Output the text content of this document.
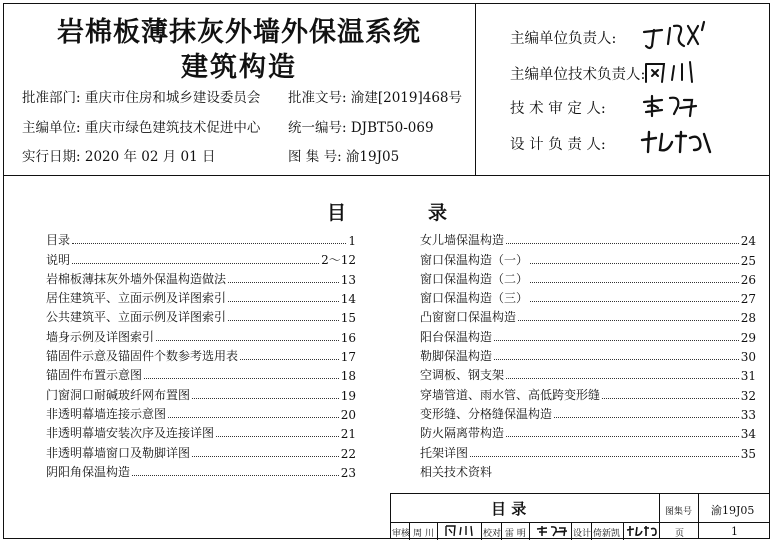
岩棉板薄抹灰外墙外保温系统
建筑构造
批准部门: 重庆市住房和城乡建设委员会 批准文号: 渝建[2019]468号
主编单位: 重庆市绿色建筑技术促进中心 统一编号: DJBT50-069
实行日期: 2020 年 02 月 01 日	图 集 号: 渝19J05
主编单位负责人:
主编单位技术负责人:
技 术 审 定 人:
设 计 负 责 人:
目	录
目录	1
说明	2～12
岩棉板薄抹灰外墙外保温构造做法	13
居住建筑平、立面示例及详图索引	14
公共建筑平、立面示例及详图索引	15
墙身示例及详图索引	16
锚固件示意及锚固件个数参考选用表	17
锚固件布置示意图	18
门窗洞口耐碱玻纤网布置图	19
非透明幕墙连接示意图	20
非透明幕墙安装次序及连接详图	21
非透明幕墙窗口及勒脚详图	22
阴阳角保温构造	23
女儿墙保温构造	24
窗口保温构造（一）	25
窗口保温构造（二）	26
窗口保温构造（三）	27
凸窗窗口保温构造	28
阳台保温构造	29
勒脚保温构造	30
空调板、钢支架	31
穿墙管道、雨水管、高低跨变形缝	32
变形缝、分格缝保温构造	33
防火隔离带构造	34
托架详图	35
相关技术资料
目 录	图集号 渝19J05
审核 周 川	校对 雷 明	设计 倚新凯	页	1
